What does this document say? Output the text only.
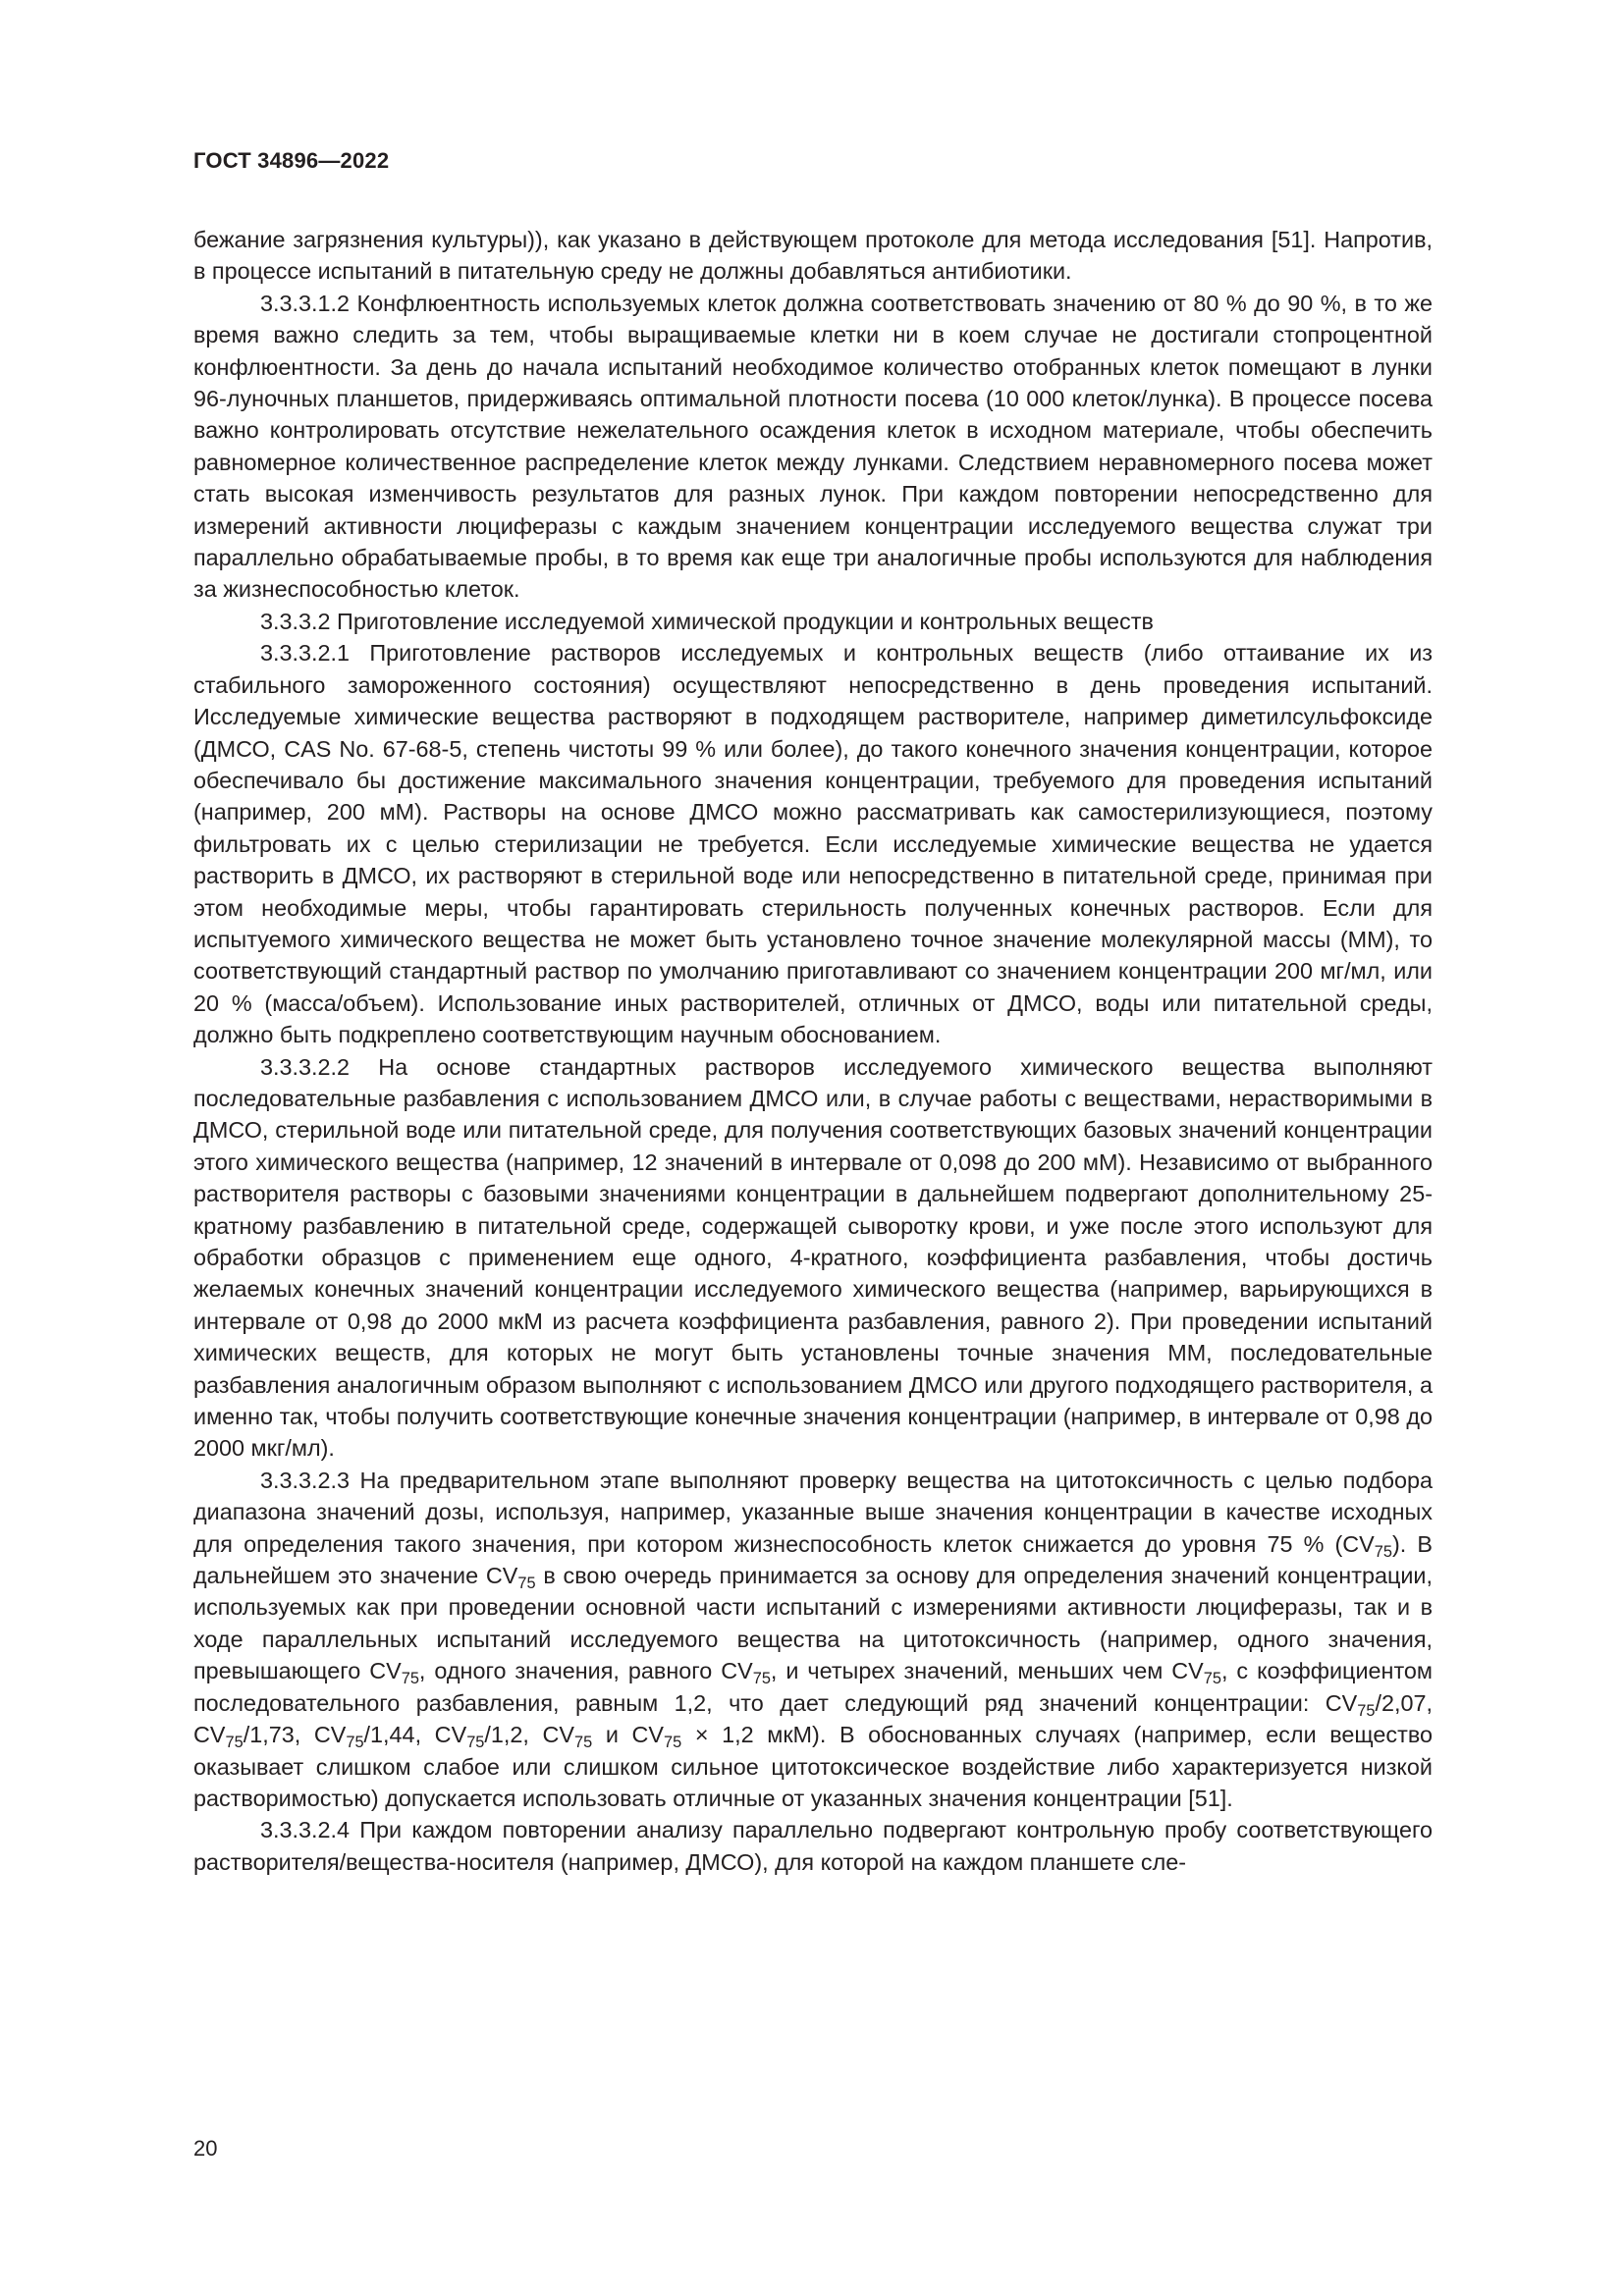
ГОСТ 34896—2022

бежание загрязнения культуры)), как указано в действующем протоколе для метода исследования [51]. Напротив, в процессе испытаний в питательную среду не должны добавляться антибиотики.

3.3.3.1.2 Конфлюентность используемых клеток должна соответствовать значению от 80 % до 90 %, в то же время важно следить за тем, чтобы выращиваемые клетки ни в коем случае не достигали стопроцентной конфлюентности. За день до начала испытаний необходимое количество отобранных клеток помещают в лунки 96-луночных планшетов, придерживаясь оптимальной плотности посева (10 000 клеток/лунка). В процессе посева важно контролировать отсутствие нежелательного осаждения клеток в исходном материале, чтобы обеспечить равномерное количественное распределение клеток между лунками. Следствием неравномерного посева может стать высокая изменчивость результатов для разных лунок. При каждом повторении непосредственно для измерений активности люциферазы с каждым значением концентрации исследуемого вещества служат три параллельно обрабатываемые пробы, в то время как еще три аналогичные пробы используются для наблюдения за жизнеспособностью клеток.

3.3.3.2 Приготовление исследуемой химической продукции и контрольных веществ

3.3.3.2.1 Приготовление растворов исследуемых и контрольных веществ (либо оттаивание их из стабильного замороженного состояния) осуществляют непосредственно в день проведения испытаний. Исследуемые химические вещества растворяют в подходящем растворителе, например диметилсульфоксиде (ДМСО, CAS No. 67-68-5, степень чистоты 99 % или более), до такого конечного значения концентрации, которое обеспечивало бы достижение максимального значения концентрации, требуемого для проведения испытаний (например, 200 мМ). Растворы на основе ДМСО можно рассматривать как самостерилизующиеся, поэтому фильтровать их с целью стерилизации не требуется. Если исследуемые химические вещества не удается растворить в ДМСО, их растворяют в стерильной воде или непосредственно в питательной среде, принимая при этом необходимые меры, чтобы гарантировать стерильность полученных конечных растворов. Если для испытуемого химического вещества не может быть установлено точное значение молекулярной массы (ММ), то соответствующий стандартный раствор по умолчанию приготавливают со значением концентрации 200 мг/мл, или 20 % (масса/объем). Использование иных растворителей, отличных от ДМСО, воды или питательной среды, должно быть подкреплено соответствующим научным обоснованием.

3.3.3.2.2 На основе стандартных растворов исследуемого химического вещества выполняют последовательные разбавления с использованием ДМСО или, в случае работы с веществами, нерастворимыми в ДМСО, стерильной воде или питательной среде, для получения соответствующих базовых значений концентрации этого химического вещества (например, 12 значений в интервале от 0,098 до 200 мМ). Независимо от выбранного растворителя растворы с базовыми значениями концентрации в дальнейшем подвергают дополнительному 25-кратному разбавлению в питательной среде, содержащей сыворотку крови, и уже после этого используют для обработки образцов с применением еще одного, 4-кратного, коэффициента разбавления, чтобы достичь желаемых конечных значений концентрации исследуемого химического вещества (например, варьирующихся в интервале от 0,98 до 2000 мкМ из расчета коэффициента разбавления, равного 2). При проведении испытаний химических веществ, для которых не могут быть установлены точные значения ММ, последовательные разбавления аналогичным образом выполняют с использованием ДМСО или другого подходящего растворителя, а именно так, чтобы получить соответствующие конечные значения концентрации (например, в интервале от 0,98 до 2000 мкг/мл).

3.3.3.2.3 На предварительном этапе выполняют проверку вещества на цитотоксичность с целью подбора диапазона значений дозы, используя, например, указанные выше значения концентрации в качестве исходных для определения такого значения, при котором жизнеспособность клеток снижается до уровня 75 % $(CV_{75})$. В дальнейшем это значение $CV_{75}$ в свою очередь принимается за основу для определения значений концентрации, используемых как при проведении основной части испытаний с измерениями активности люциферазы, так и в ходе параллельных испытаний исследуемого вещества на цитотоксичность (например, одного значения, превышающего $CV_{75}$, одного значения, равного $CV_{75}$, и четырех значений, меньших чем $CV_{75}$, с коэффициентом последовательного разбавления, равным 1,2, что дает следующий ряд значений концентрации: $CV_{75}/2,07$, $CV_{75}/1,73$, $CV_{75}/1,44$, $CV_{75}/1,2$, $CV_{75}$ и $CV_{75} \times 1,2$ мкМ). В обоснованных случаях (например, если вещество оказывает слишком слабое или слишком сильное цитотоксическое воздействие либо характеризуется низкой растворимостью) допускается использовать отличные от указанных значения концентрации [51].

3.3.3.2.4 При каждом повторении анализу параллельно подвергают контрольную пробу соответствующего растворителя/вещества-носителя (например, ДМСО), для которой на каждом планшете сле-

20
